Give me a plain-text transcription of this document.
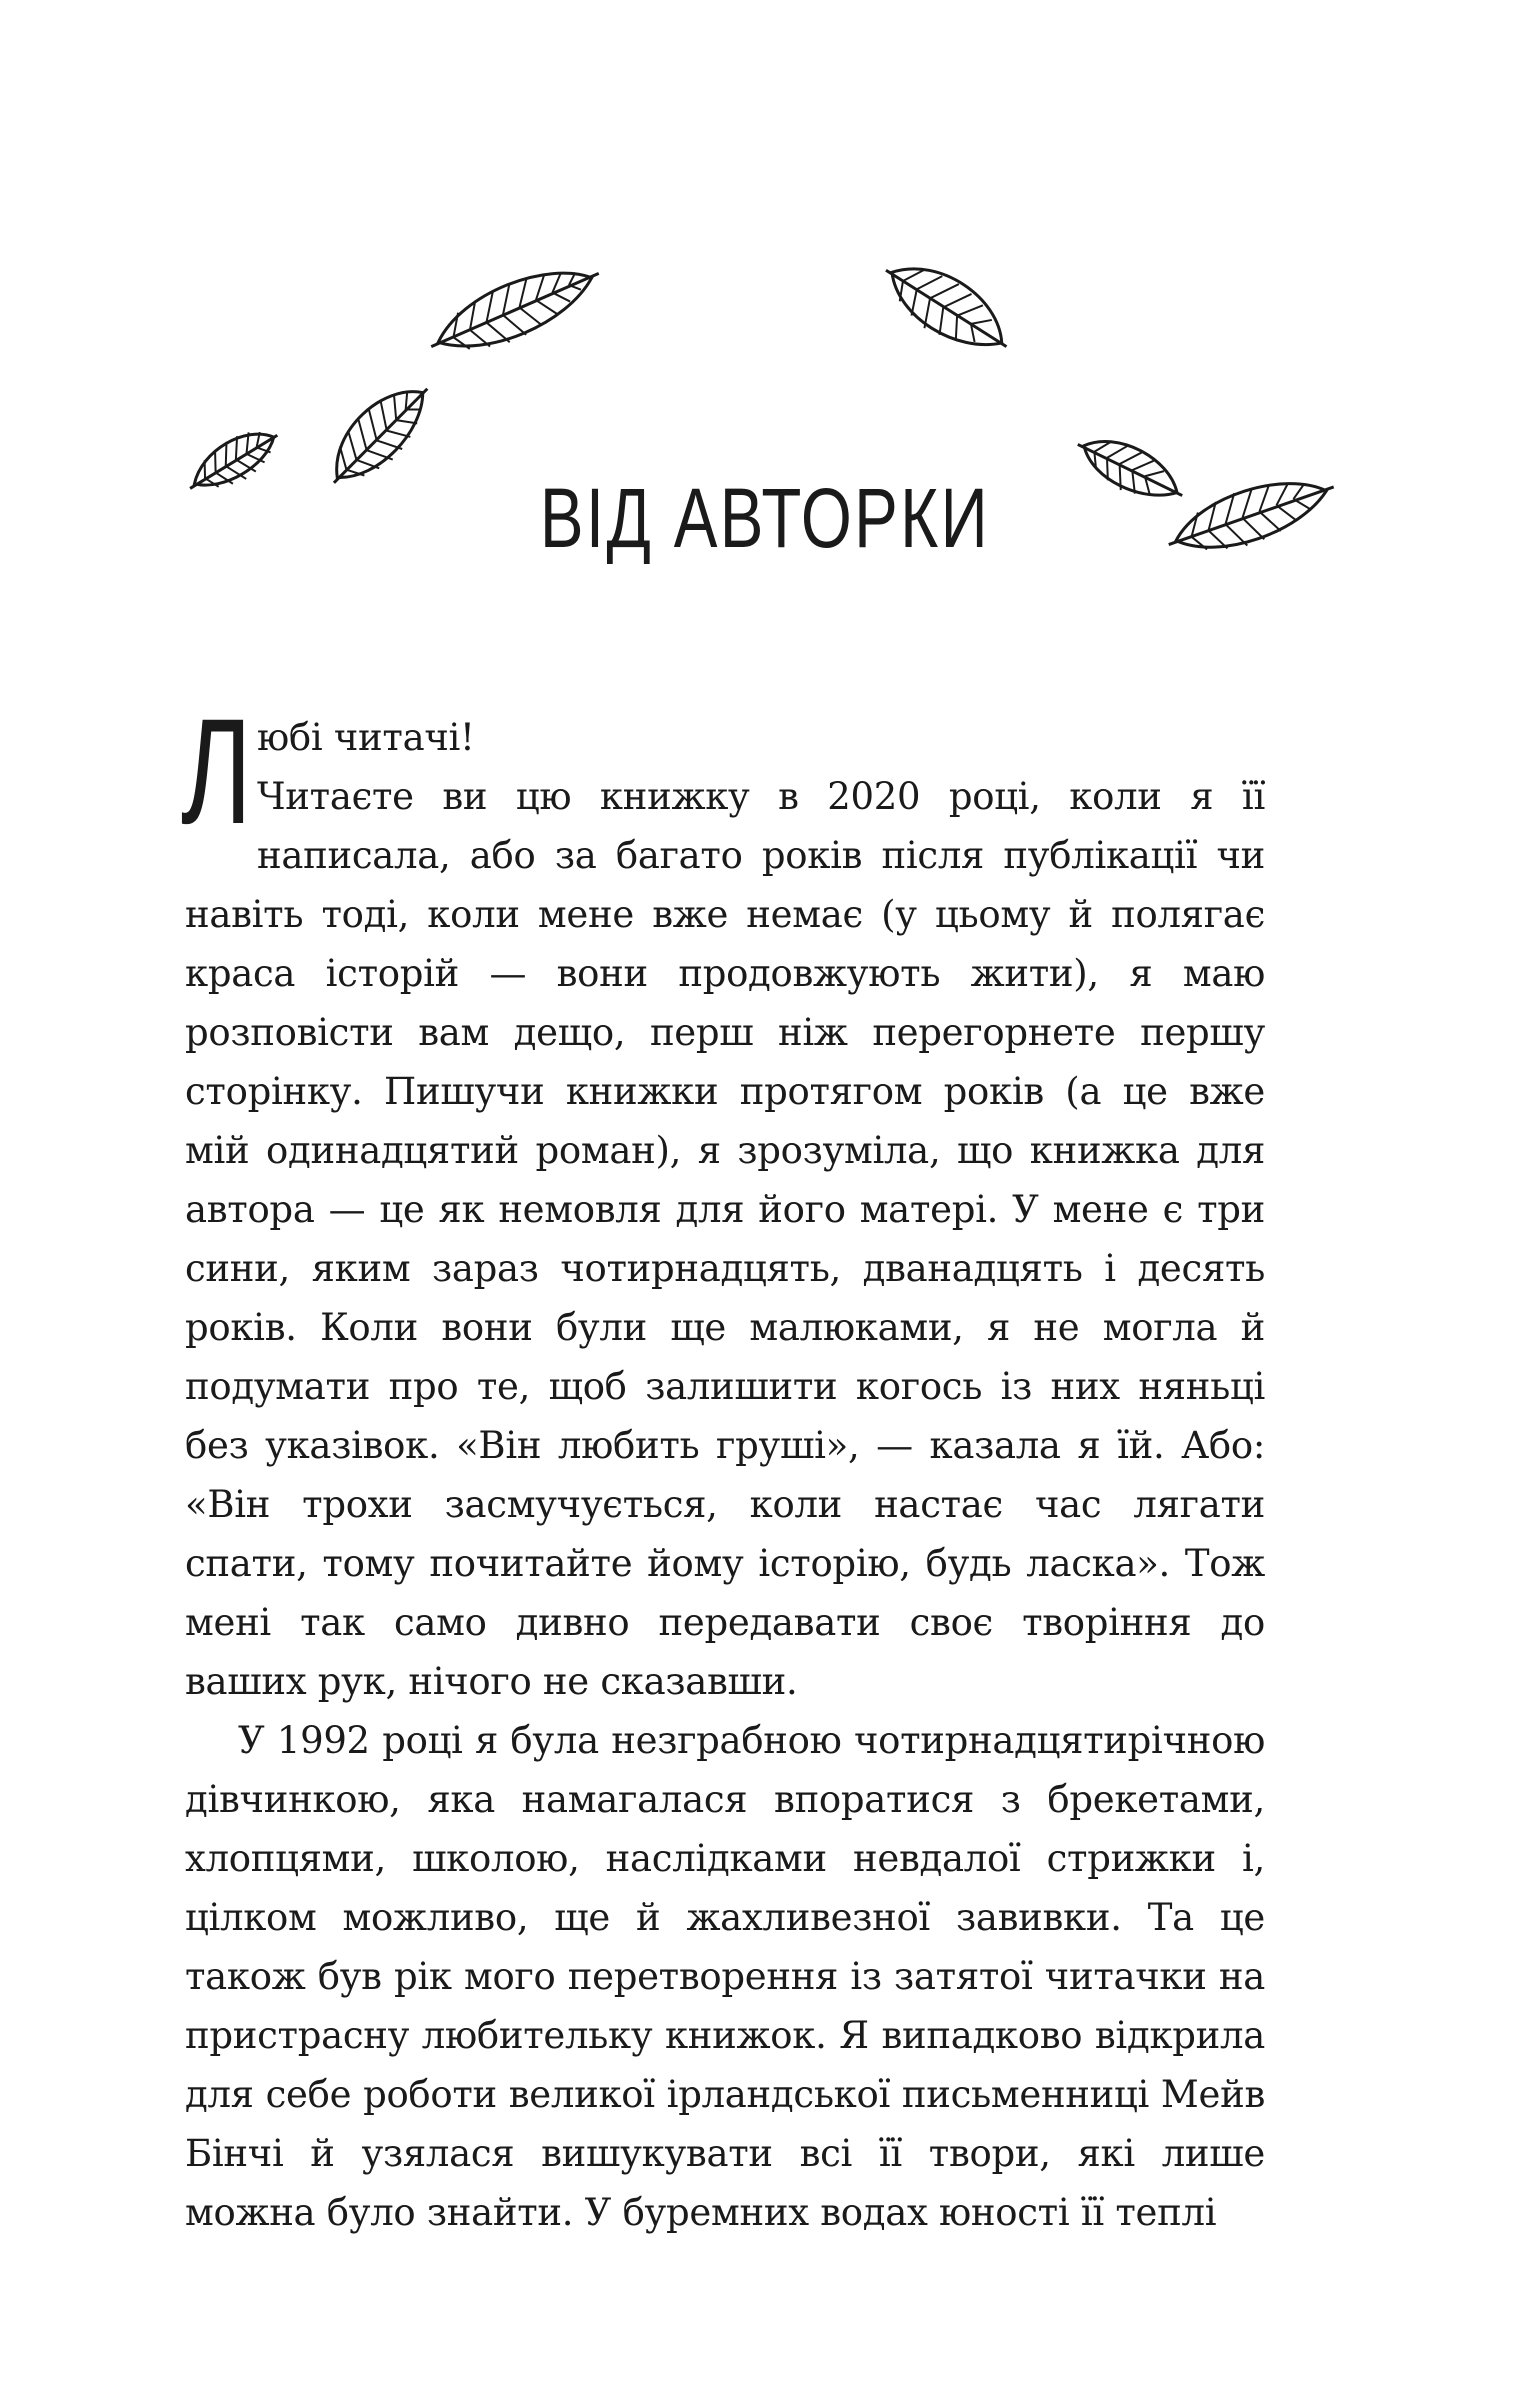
ВІД АВТОРКИ

Любі читачі!
Читаєте ви цю книжку в 2020 році, коли я її написала, або за багато років після публікації чи навіть тоді, коли мене вже немає (у цьому й полягає краса історій — вони продовжують жити), я маю розповісти вам дещо, перш ніж перегорнете першу сторінку. Пишучи книжки протягом років (а це вже мій одинадцятий роман), я зрозуміла, що книжка для автора — це як немовля для його матері. У мене є три сини, яким зараз чотирнадцять, дванадцять і десять років. Коли вони були ще малюками, я не могла й подумати про те, щоб залишити когось із них няньці без указівок. «Він любить груші», — казала я їй. Або: «Він трохи засмучується, коли настає час лягати спати, тому почитайте йому історію, будь ласка». Тож мені так само дивно передавати своє творіння до ваших рук, нічого не сказавши.

У 1992 році я була незграбною чотирнадцятирічною дівчинкою, яка намагалася впоратися з брекетами, хлопцями, школою, наслідками невдалої стрижки і, цілком можливо, ще й жахливезної завивки. Та це також був рік мого перетворення із затятої читачки на пристрасну любительку книжок. Я випадково відкрила для себе роботи великої ірландської письменниці Мейв Бінчі й узялася вишукувати всі її твори, які лише можна було знайти. У буремних водах юності її теплі
